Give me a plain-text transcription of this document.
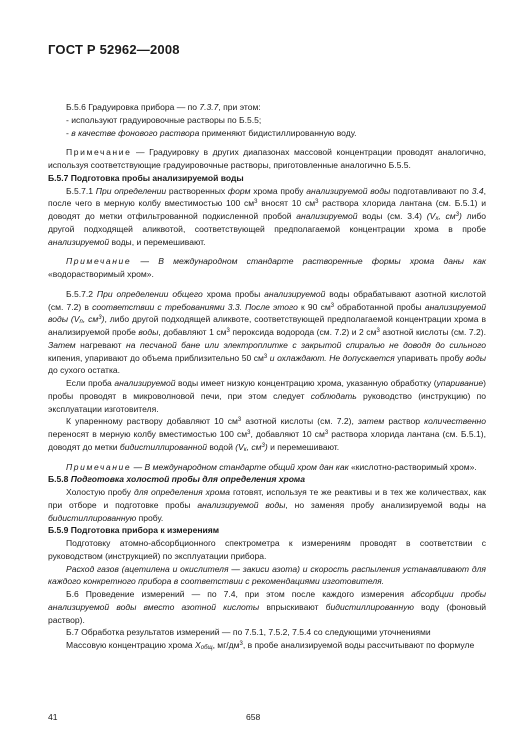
ГОСТ Р 52962—2008

Б.5.6 Градуировка прибора — по 7.3.7, при этом:

- используют градуировочные растворы по Б.5.5;

- в качестве фонового раствора применяют бидистиллированную воду.

Примечание — Градуировку в других диапазонах массовой концентрации проводят аналогично, используя соответствующие градуировочные растворы, приготовленные аналогично Б.5.5.

Б.5.7 Подготовка пробы анализируемой воды

Б.5.7.1 При определении растворенных форм хрома пробу анализируемой воды подготавливают по 3.4, после чего в мерную колбу вместимостью 100 $см^3$ вносят 10 $см^3$ раствора хлорида лантана (см. Б.5.1) и доводят до метки отфильтрованной подкисленной пробой анализируемой воды (см. 3.4) ($V_x$, $см^3$) либо другой подходящей аликвотой, соответствующей предполагаемой концентрации хрома в пробе анализируемой воды, и перемешивают.

Примечание — В международном стандарте растворенные формы хрома даны как «водорастворимый хром».

Б.5.7.2 При определении общего хрома пробы анализируемой воды обрабатывают азотной кислотой (см. 7.2) в соответствии с требованиями 3.3. После этого к 90 $см^3$ обработанной пробы анализируемой воды ($V_n$, $см^3$), либо другой подходящей аликвоте, соответствующей предполагаемой концентрации хрома в анализируемой пробе воды, добавляют 1 $см^3$ пероксида водорода (см. 7.2) и 2 $см^3$ азотной кислоты (см. 7.2). Затем нагревают на песчаной бане или электроплитке с закрытой спиралью не доводя до сильного кипения, упаривают до объема приблизительно 50 $см^3$ и охлаждают. Не допускается упаривать пробу воды до сухого остатка.

Если проба анализируемой воды имеет низкую концентрацию хрома, указанную обработку (упаривание) пробы проводят в микроволновой печи, при этом следует соблюдать руководство (инструкцию) по эксплуатации изготовителя.

К упаренному раствору добавляют 10 $см^3$ азотной кислоты (см. 7.2), затем раствор количественно переносят в мерную колбу вместимостью 100 $см^3$, добавляют 10 $см^3$ раствора хлорида лантана (см. Б.5.1), доводят до метки бидистиллированной водой ($V_к$, $см^3$) и перемешивают.

Примечание — В международном стандарте общий хром дан как «кислотно-растворимый хром».

Б.5.8 Подготовка холостой пробы для определения хрома

Холостую пробу для определения хрома готовят, используя те же реактивы и в тех же количествах, как при отборе и подготовке пробы анализируемой воды, но заменяя пробу анализируемой воды на бидистиллированную пробу.

Б.5.9 Подготовка прибора к измерениям

Подготовку атомно-абсорбционного спектрометра к измерениям проводят в соответствии с руководством (инструкцией) по эксплуатации прибора.

Расход газов (ацетилена и окислителя — закиси азота) и скорость распыления устанавливают для каждого конкретного прибора в соответствии с рекомендациями изготовителя.

Б.6 Проведение измерений — по 7.4, при этом после каждого измерения абсорбции пробы анализируемой воды вместо азотной кислоты впрыскивают бидистиллированную воду (фоновый раствор).

Б.7 Обработка результатов измерений — по 7.5.1, 7.5.2, 7.5.4 со следующими уточнениями

Массовую концентрацию хрома $X_{общ}$, $мг/дм^3$, в пробе анализируемой воды рассчитывают по формуле

41	658
